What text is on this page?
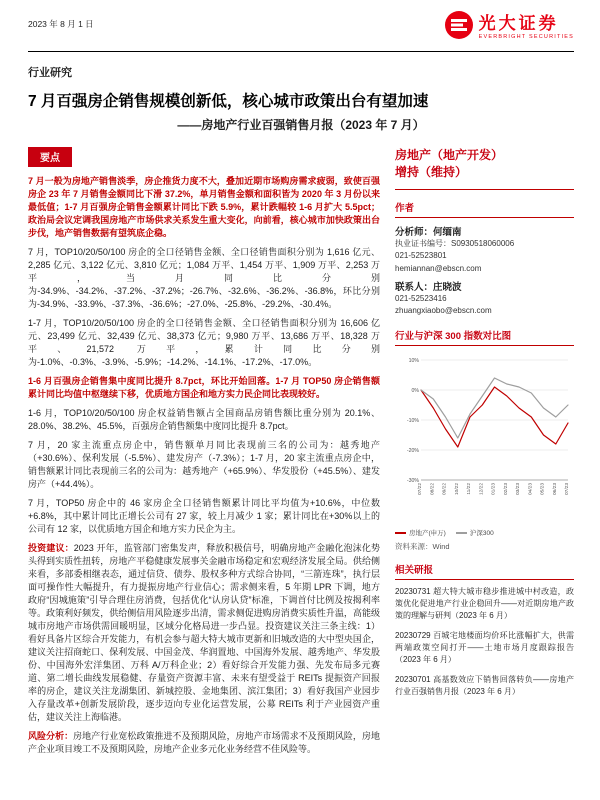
2023 年 8 月 1 日	光大证券
EVERBRIGHT SECURITIES
行业研究
7 月百强房企销售规模创新低，核心城市政策出台有望加速
——房地产行业百强销售月报（2023 年 7 月）
要点

7 月一般为房地产销售淡季，房企推货力度不大，叠加近期市场购房需求疲弱，致使百强房企 23 年 7 月销售金额同比下滑 37.2%，单月销售金额和面积皆为 2020 年 3 月份以来最低值；1-7 月百强房企销售金额累计同比下跌 5.9%，累计跌幅较 1-6 月扩大 5.5pct；政治局会议定调我国房地产市场供求关系发生重大变化，向前看，核心城市加快政策出台步伐，地产销售数据有望筑底企稳。

7 月，TOP10/20/50/100 房企的全口径销售金额、全口径销售面积分别为 1,616 亿元、2,285 亿元、3,122 亿元、3,810 亿元；1,084 万平、1,454 万平、1,909 万平、2,253 万平，当月同比分别为-34.9%、-34.2%、-37.2%、-37.2%；-26.7%、-32.6%、-36.2%、-36.8%，环比分别为-34.9%、-33.9%、-37.3%、-36.6%；-27.0%、-25.8%、-29.2%、-30.4%。

1-7 月，TOP10/20/50/100 房企的全口径销售金额、全口径销售面积分别为 16,606 亿元、23,499 亿元、32,439 亿元、38,373 亿元；9,980 万平、13,686 万平、18,328 万平、21,572 万平，累计同比分别为-1.0%、-0.3%、-3.9%、-5.9%；-14.2%、-14.1%、-17.2%、-17.0%。

1-6 月百强房企销售集中度同比提升 8.7pct，环比开始回落。1-7 月 TOP50 房企销售额累计同比均值中枢继续下移，优质地方国企和地方实力民企同比表现较好。

1-6 月，TOP10/20/50/100 房企权益销售额占全国商品房销售额比重分别为 20.1%、28.0%、38.2%、45.5%，百强房企销售额集中度同比提升 8.7pct。

7 月，20 家主流重点房企中，销售额单月同比表现前三名的公司为：越秀地产（+30.6%）、保利发展（-5.5%）、建发房产（-7.3%）；1-7 月，20 家主流重点房企中，销售额累计同比表现前三名的公司为：越秀地产（+65.9%）、华发股份（+45.5%）、建发房产（+44.4%）。

7 月，TOP50 房企中的 46 家房企全口径销售额累计同比平均值为+10.6%，中位数+6.8%，其中累计同比正增长公司有 27 家，较上月减少 1 家；累计同比在+30%以上的公司有 12 家，以优质地方国企和地方实力民企为主。

投资建议：2023 开年，监管部门密集发声，释放积极信号，明确房地产金融化泡沫化势头得到实质性扭转，房地产平稳健康发展事关金融市场稳定和宏观经济发展全局。供给侧来看，多部委相继表态，通过信贷、债券、股权多种方式综合协同，“三箭连珠”，执行层面可操作性大幅提升，有力提振房地产行业信心；需求侧来看，5 年期 LPR 下调，地方政府“因城施策”引导合理住房消费，包括优化“认房认贷”标准，下调首付比例及按揭利率等。政策利好频发，供给侧信用风险逐步出清，需求侧促进购房消费实质性升温，高能级城市房地产市场供需回暖明显，区域分化格局进一步凸显。投资建议关注三条主线：1）看好具备片区综合开发能力，有机会参与超大特大城市更新和旧城改造的大中型央国企，建议关注招商蛇口、保利发展、中国金茂、华润置地、中国海外发展、越秀地产、华发股份、中国海外宏洋集团、万科 A/万科企业；2）看好综合开发能力强、先发布局多元赛道、第二增长曲线发展稳健、存量资产资源丰富、未来有望受益于 REITs 提振资产回报率的房企，建议关注龙湖集团、新城控股、金地集团、滨江集团；3）看好我国产业园步入存量改革+创新发展阶段，逐步迈向专业化运营发展，公募 REITs 利于产业园资产重估，建议关注上海临港。

风险分析：房地产行业宽松政策推进不及预期风险，房地产市场需求不及预期风险，房地产企业项目竣工不及预期风险，房地产企业多元化业务经营不佳风险等。

房地产（地产开发）
增持（维持）
作者
分析师：何缅南
执业证书编号：S0930518060006
021-52523801
hemiannan@ebscn.com
联系人：庄晓波
021-52523416
zhuangxiaobo@ebscn.com
行业与沪深 300 指数对比图
10%
0%
-10%
-20%
-30%
07/22 08/22 09/22 10/22 11/22 12/22 01/23 02/23 03/23 04/23 05/23 06/23 07/23
房地产(申万)	沪深300
资料来源：Wind
相关研报
20230731 超大特大城市稳步推进城中村改造，政策优化促进地产行业企稳回升——对近期房地产政策的理解与研判（2023 年 6 月）
20230729 百城宅地楼面均价环比涨幅扩大，供需两端政策空间打开——土地市场月度跟踪报告（2023 年 6 月）
20230701 高基数效应下销售回落转负——房地产行业百强销售月报（2023 年 6 月）
